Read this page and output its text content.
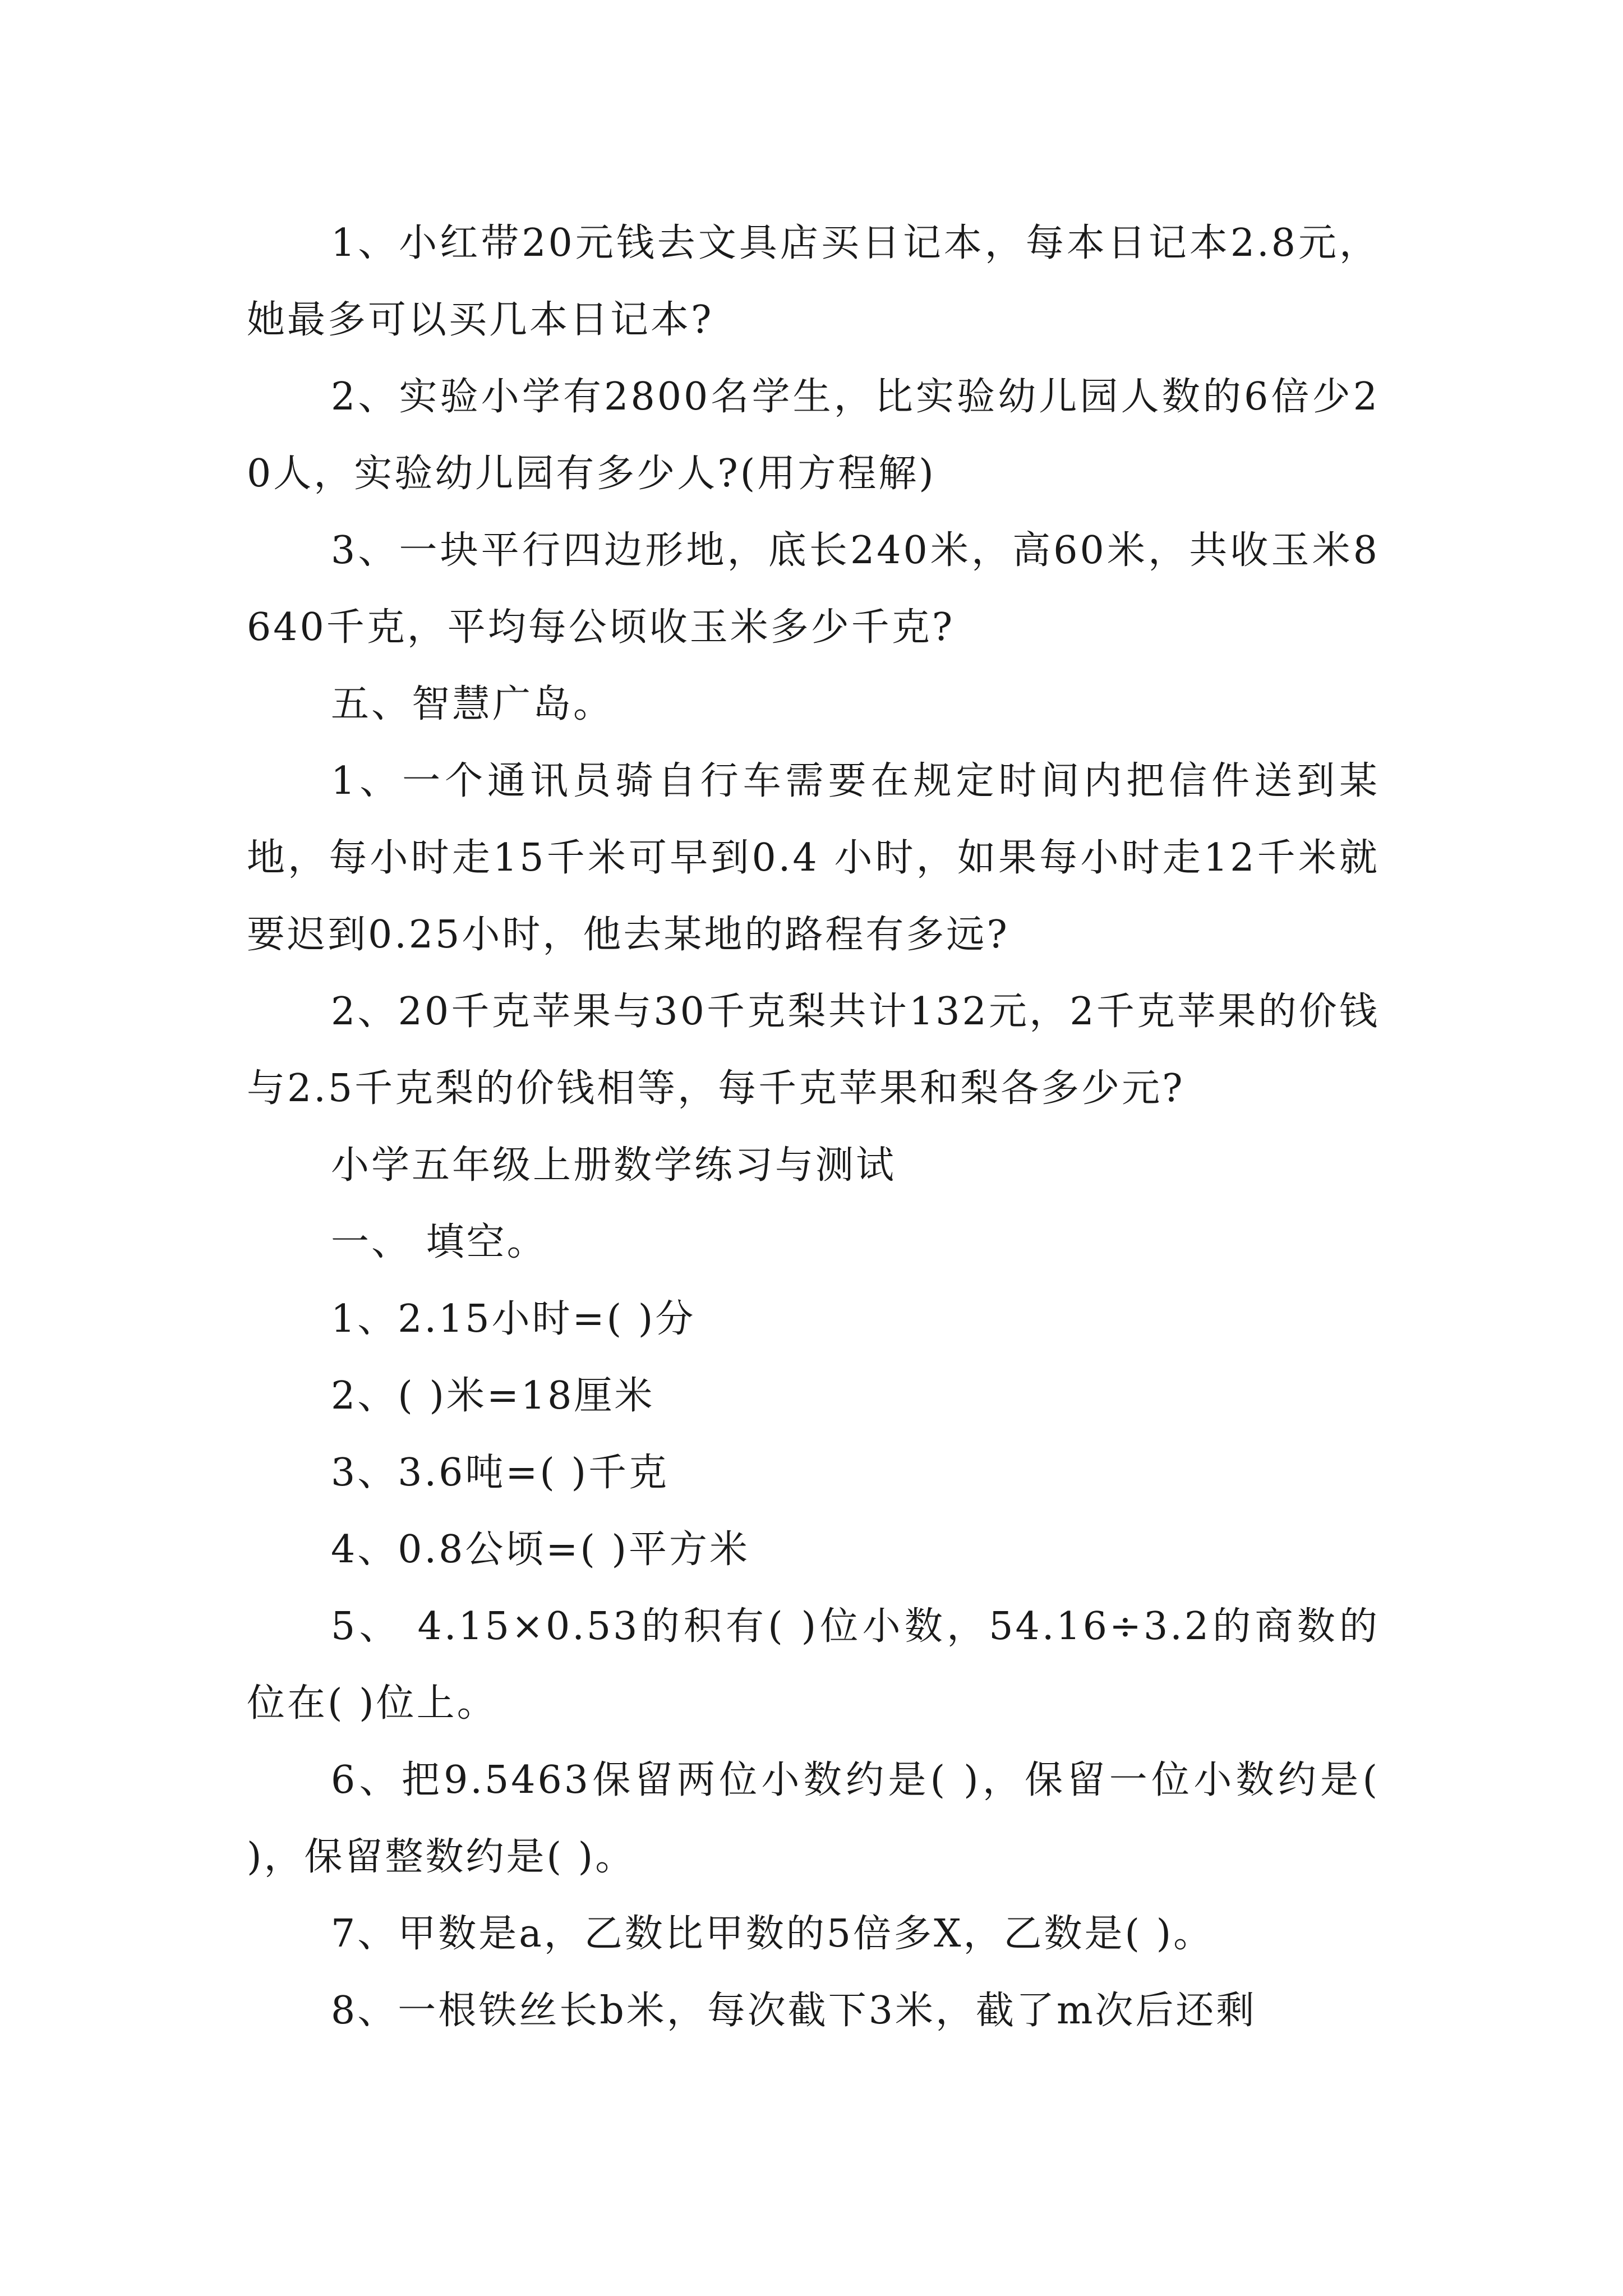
1、小红带20元钱去文具店买日记本，每本日记本2.8元，她最多可以买几本日记本?

2、实验小学有2800名学生，比实验幼儿园人数的6倍少20人，实验幼儿园有多少人?(用方程解)

3、一块平行四边形地，底长240米，高60米，共收玉米8640千克，平均每公顷收玉米多少千克?

五、智慧广岛。

1、一个通讯员骑自行车需要在规定时间内把信件送到某地，每小时走15千米可早到0.4 小时，如果每小时走12千米就要迟到0.25小时，他去某地的路程有多远?

2、20千克苹果与30千克梨共计132元，2千克苹果的价钱与2.5千克梨的价钱相等，每千克苹果和梨各多少元?

小学五年级上册数学练习与测试

一、 填空。

1、2.15小时=( )分

2、( )米=18厘米

3、3.6吨=( )千克

4、0.8公顷=( )平方米

5、 4.15×0.53的积有( )位小数，54.16÷3.2的商数的位在( )位上。

6、把9.5463保留两位小数约是( )，保留一位小数约是( )，保留整数约是( )。

7、甲数是a，乙数比甲数的5倍多X，乙数是( )。

8、一根铁丝长b米，每次截下3米，截了m次后还剩
